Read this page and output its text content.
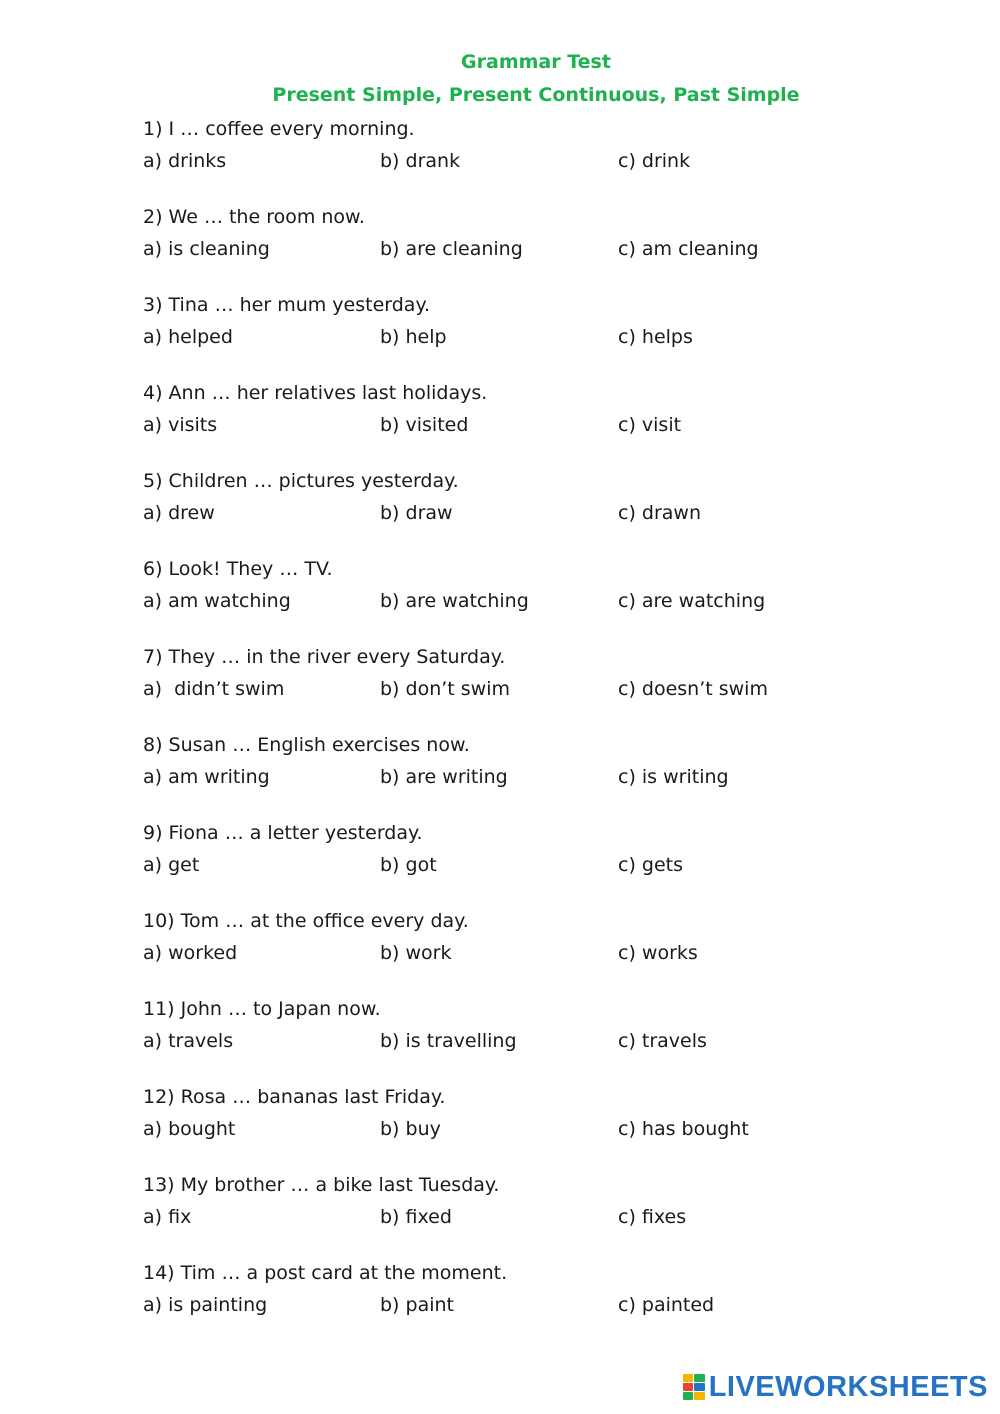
Grammar Test
Present Simple, Present Continuous, Past Simple
1) I … coffee every morning.
a) drinks	b) drank	c) drink
2) We … the room now.
a) is cleaning	b) are cleaning	c) am cleaning
3) Tina … her mum yesterday.
a) helped	b) help	c) helps
4) Ann … her relatives last holidays.
a) visits	b) visited	c) visit
5) Children … pictures yesterday.
a) drew	b) draw	c) drawn
6) Look! They … TV.
a) am watching	b) are watching	c) are watching
7) They … in the river every Saturday.
a)  didn’t swim	b) don’t swim	c) doesn’t swim
8) Susan … English exercises now.
a) am writing	b) are writing	c) is writing
9) Fiona … a letter yesterday.
a) get	b) got	c) gets
10) Tom … at the office every day.
a) worked	b) work	c) works
11) John … to Japan now.
a) travels	b) is travelling	c) travels
12) Rosa … bananas last Friday.
a) bought	b) buy	c) has bought
13) My brother … a bike last Tuesday.
a) fix	b) fixed	c) fixes
14) Tim … a post card at the moment.
a) is painting	b) paint	c) painted
LIVEWORKSHEETS
